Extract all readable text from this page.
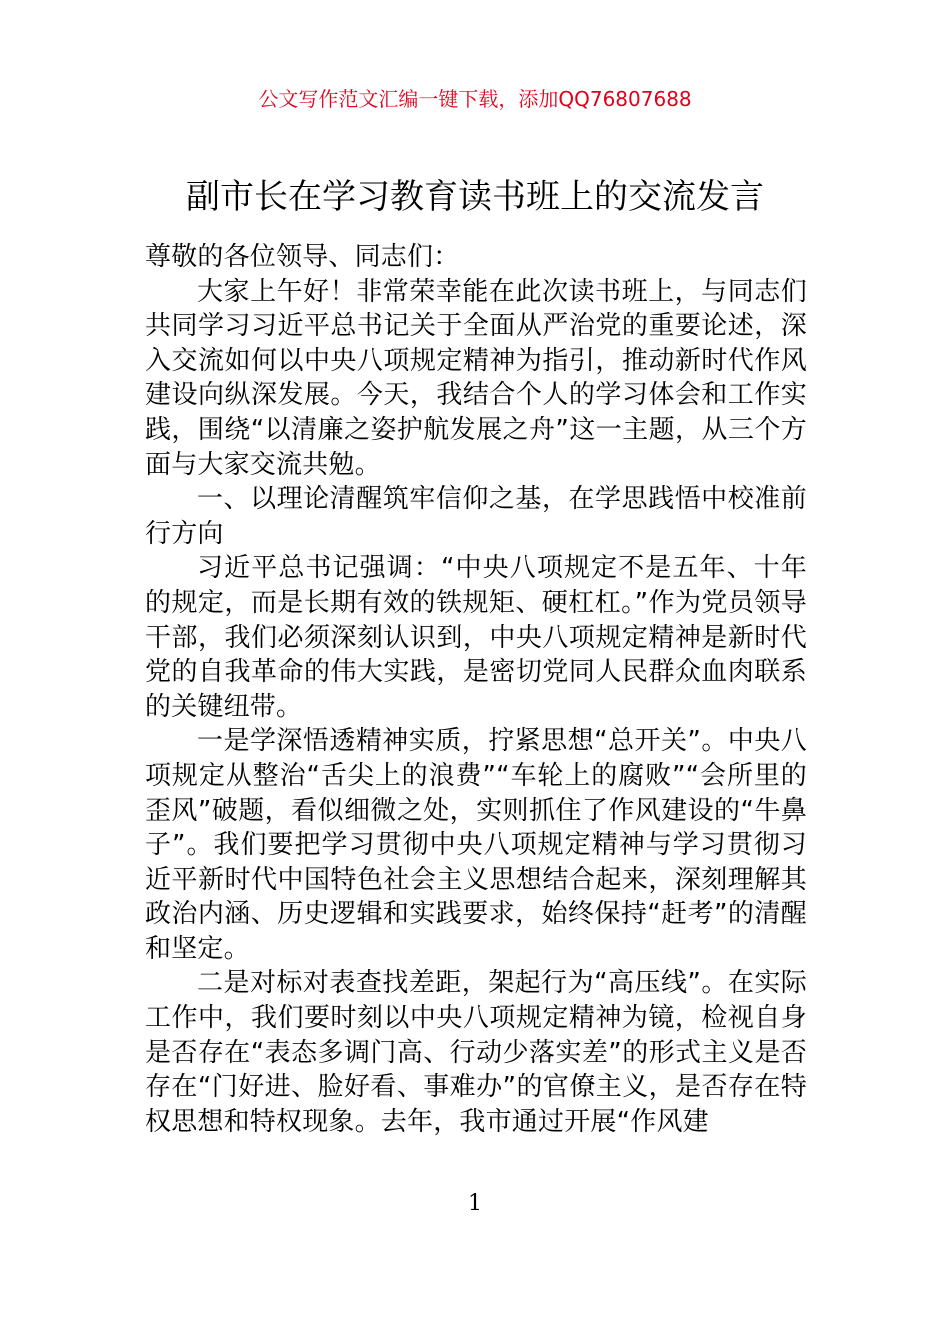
公文写作范文汇编一键下载，添加QQ76807688
副市长在学习教育读书班上的交流发言

尊敬的各位领导、同志们：

大家上午好！非常荣幸能在此次读书班上，与同志们共同学习习近平总书记关于全面从严治党的重要论述，深入交流如何以中央八项规定精神为指引，推动新时代作风建设向纵深发展。今天，我结合个人的学习体会和工作实践，围绕“以清廉之姿护航发展之舟”这一主题，从三个方面与大家交流共勉。

一、以理论清醒筑牢信仰之基，在学思践悟中校准前行方向

习近平总书记强调：“中央八项规定不是五年、十年的规定，而是长期有效的铁规矩、硬杠杠。”作为党员领导干部，我们必须深刻认识到，中央八项规定精神是新时代党的自我革命的伟大实践，是密切党同人民群众血肉联系的关键纽带。

一是学深悟透精神实质，拧紧思想“总开关”。中央八项规定从整治“舌尖上的浪费”“车轮上的腐败”“会所里的歪风”破题，看似细微之处，实则抓住了作风建设的“牛鼻子”。我们要把学习贯彻中央八项规定精神与学习贯彻习近平新时代中国特色社会主义思想结合起来，深刻理解其政治内涵、历史逻辑和实践要求，始终保持“赶考”的清醒和坚定。

二是对标对表查找差距，架起行为“高压线”。在实际工作中，我们要时刻以中央八项规定精神为镜，检视自身是否存在“表态多调门高、行动少落实差”的形式主义是否存在“门好进、脸好看、事难办”的官僚主义，是否存在特权思想和特权现象。去年，我市通过开展“作风建

1
